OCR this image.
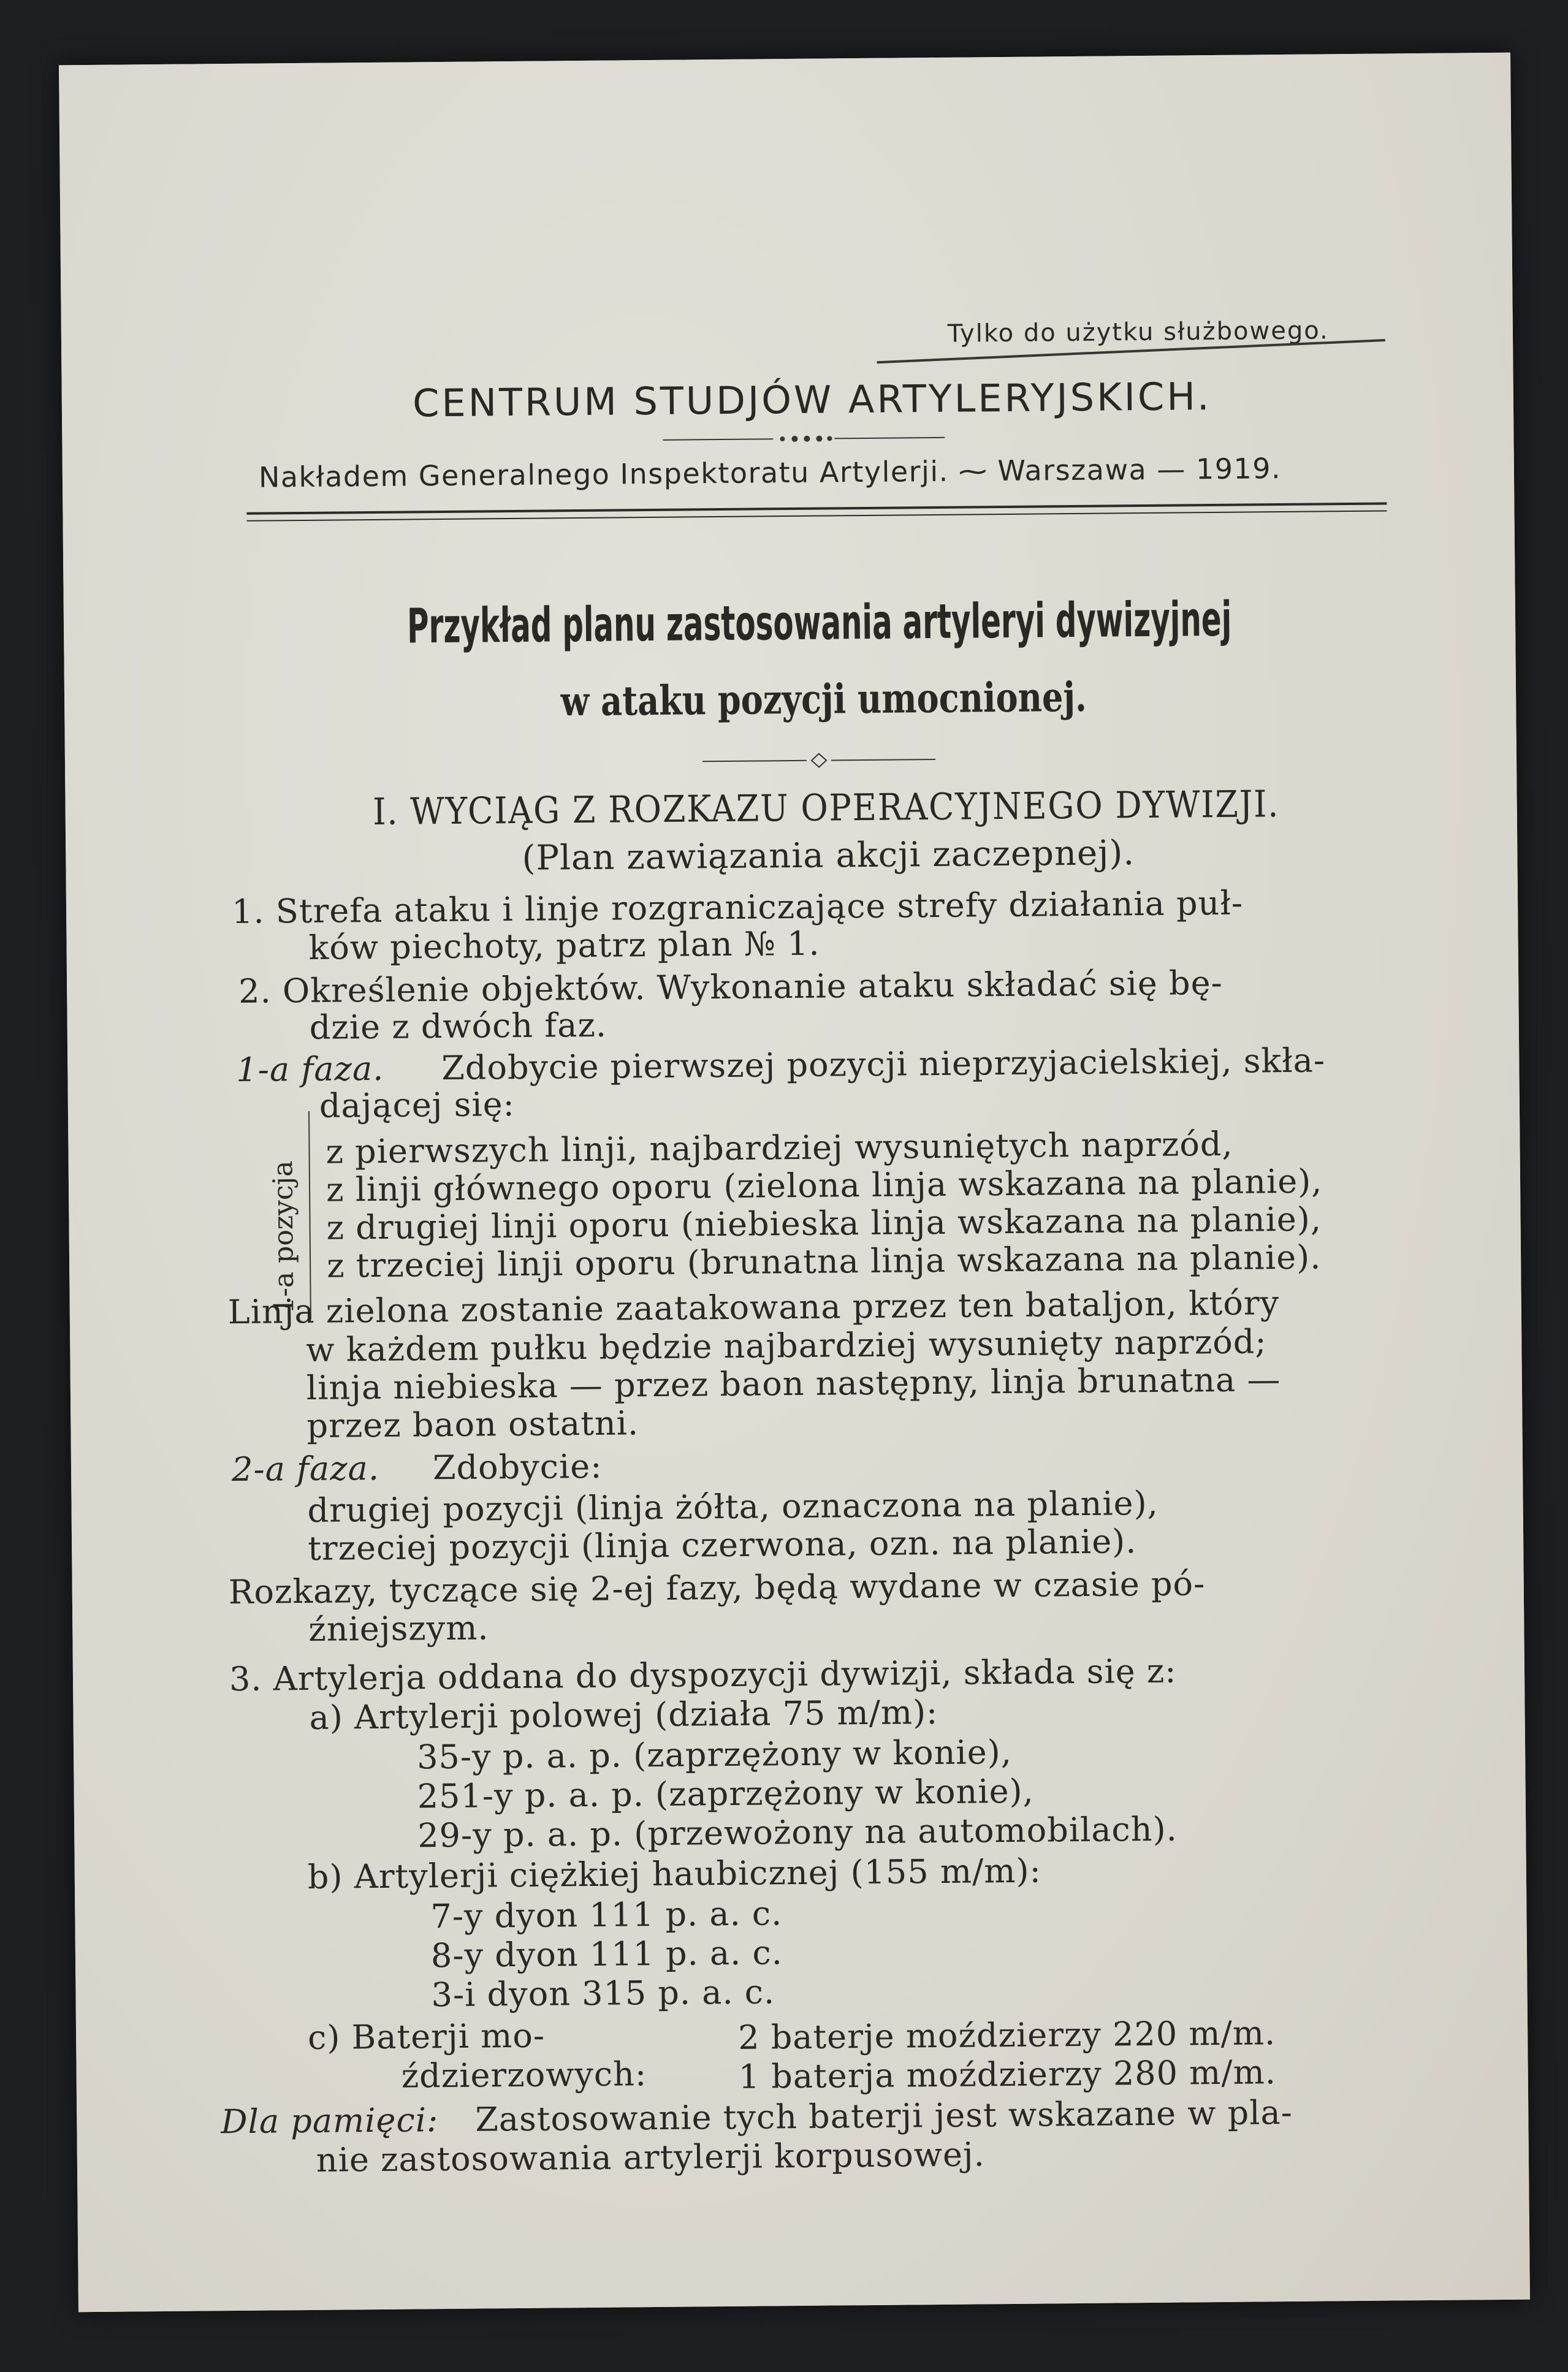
Tylko do użytku służbowego.
CENTRUM STUDJÓW ARTYLERYJSKICH.
Nakładem Generalnego Inspektoratu Artylerji. ⁓ Warszawa — 1919.
Przykład planu zastosowania artyleryi dywizyjnej
w ataku pozycji umocnionej.
I. WYCIĄG Z ROZKAZU OPERACYJNEGO DYWIZJI.
(Plan zawiązania akcji zaczepnej).
1. Strefa ataku i linje rozgraniczające strefy działania puł-
ków piechoty, patrz plan № 1.
2. Określenie objektów. Wykonanie ataku składać się bę-
dzie z dwóch faz.
1-a faza. Zdobycie pierwszej pozycji nieprzyjacielskiej, skła-
dającej się:
1-a pozycja
z pierwszych linji, najbardziej wysuniętych naprzód,
z linji głównego oporu (zielona linja wskazana na planie),
z drugiej linji oporu (niebieska linja wskazana na planie),
z trzeciej linji oporu (brunatna linja wskazana na planie).
Linja zielona zostanie zaatakowana przez ten bataljon, który
w każdem pułku będzie najbardziej wysunięty naprzód;
linja niebieska — przez baon następny, linja brunatna —
przez baon ostatni.
2-a faza. Zdobycie:
drugiej pozycji (linja żółta, oznaczona na planie),
trzeciej pozycji (linja czerwona, ozn. na planie).
Rozkazy, tyczące się 2-ej fazy, będą wydane w czasie pó-
źniejszym.
3. Artylerja oddana do dyspozycji dywizji, składa się z:
a) Artylerji polowej (działa 75 m/m):
35-y p. a. p. (zaprzężony w konie),
251-y p. a. p. (zaprzężony w konie),
29-y p. a. p. (przewożony na automobilach).
b) Artylerji ciężkiej haubicznej (155 m/m):
7-y dyon 111 p. a. c.
8-y dyon 111 p. a. c.
3-i dyon 315 p. a. c.
c) Baterji mo-	2 baterje moździerzy 220 m/m.
ździerzowych:	1 baterja moździerzy 280 m/m.
Dla pamięci: Zastosowanie tych baterji jest wskazane w pla-
nie zastosowania artylerji korpusowej.
